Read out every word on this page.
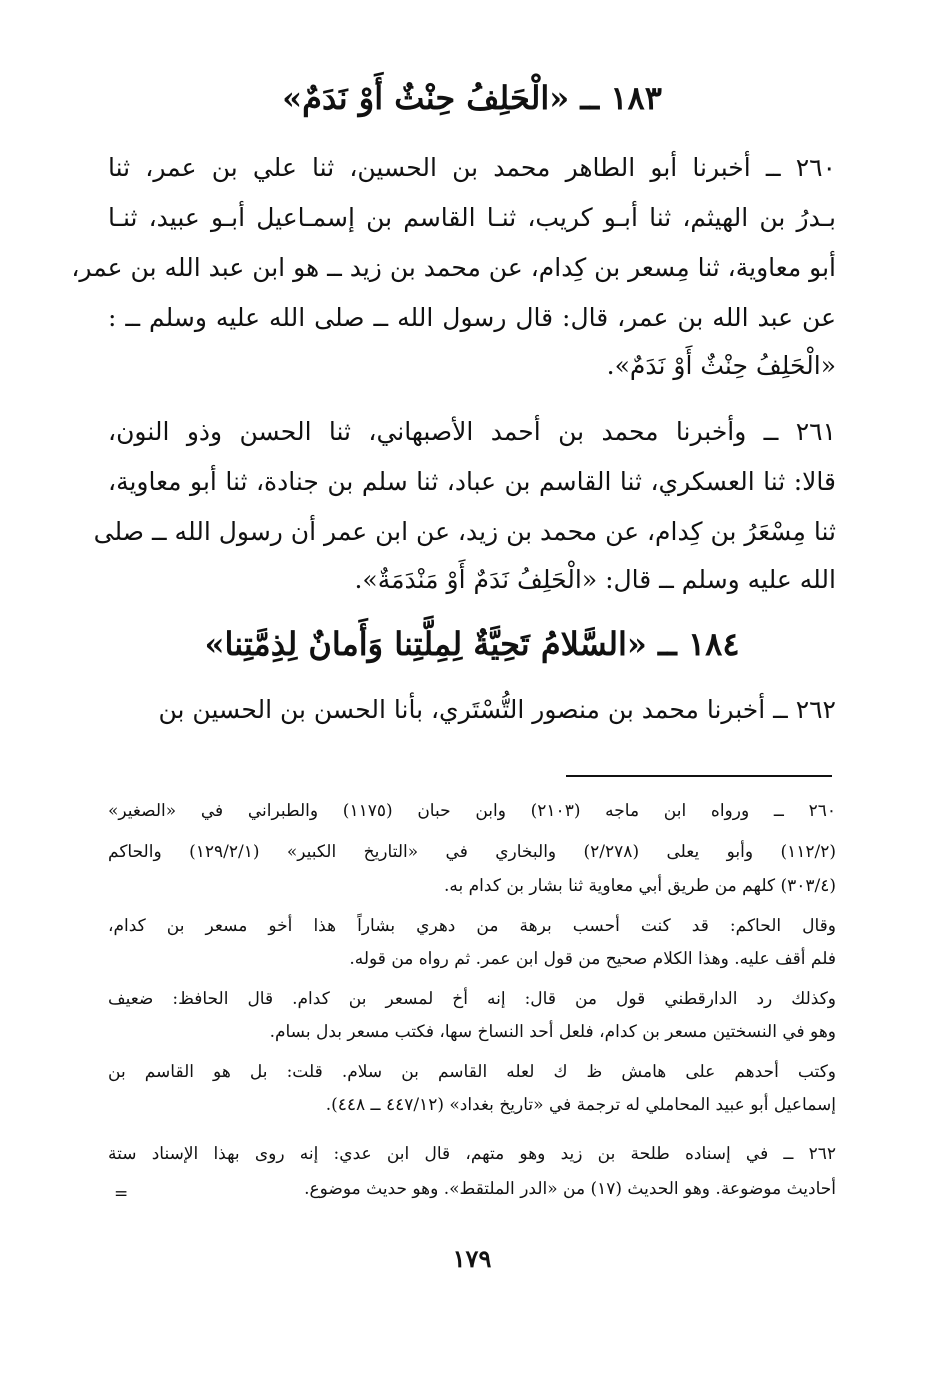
١٨٣ ــ «الْحَلِفُ حِنْثٌ أَوْ نَدَمٌ»
٢٦٠ ــ أخبرنا أبو الطاهر محمد بن الحسين، ثنا علي بن عمر، ثنا
بـدرُ بن الهيثم، ثنا أبـو كريب، ثنـا القاسم بن إسمـاعيل أبـو عبيد، ثنـا
أبو معاوية، ثنا مِسعر بن كِدام، عن محمد بن زيد ــ هو ابن عبد الله بن عمر،
عن عبد الله بن عمر، قال: قال رسول الله ــ صلى الله عليه وسلم ــ :
«الْحَلِفُ حِنْثٌ أَوْ نَدَمٌ».
٢٦١ ــ وأخبرنا محمد بن أحمد الأصبهاني، ثنا الحسن وذو النون،
قالا: ثنا العسكري، ثنا القاسم بن عباد، ثنا سلم بن جنادة، ثنا أبو معاوية،
ثنا مِسْعَرُ بن كِدام، عن محمد بن زيد، عن ابن عمر أن رسول الله ــ صلى
الله عليه وسلم ــ قال: «الْحَلِفُ نَدَمٌ أَوْ مَنْدَمَةٌ».
١٨٤ ــ «السَّلامُ تَحِيَّةٌ لِمِلَّتِنا وَأَمانٌ لِذِمَّتِنا»
٢٦٢ ــ أخبرنا محمد بن منصور التُّسْتَري، بأنا الحسن بن الحسين بن
٢٦٠ ــ ورواه ابن ماجه (٢١٠٣) وابن حبان (١١٧٥) والطبراني في «الصغير»
(١١٢/٢) وأبو يعلى (٢/٢٧٨) والبخاري في «التاريخ الكبير» (١٢٩/٢/١) والحاكم
(٣٠٣/٤) كلهم من طريق أبي معاوية ثنا بشار بن كدام به.
وقال الحاكم: قد كنت أحسب برهة من دهري بشاراً هذا أخو مسعر بن كدام،
فلم أقف عليه. وهذا الكلام صحيح من قول ابن عمر. ثم رواه من قوله.
وكذلك رد الدارقطني قول من قال: إنه أخ لمسعر بن كدام. قال الحافظ: ضعيف
وهو في النسختين مسعر بن كدام، فلعل أحد النساخ سها، فكتب مسعر بدل بسام.
وكتب أحدهم على هامش ظ ك لعله القاسم بن سلام. قلت: بل هو القاسم بن
إسماعيل أبو عبيد المحاملي له ترجمة في «تاريخ بغداد» (٤٤٧/١٢ ــ ٤٤٨).
٢٦٢ ــ في إسناده طلحة بن زيد وهو متهم، قال ابن عدي: إنه روى بهذا الإسناد ستة
أحاديث موضوعة. وهو الحديث (١٧) من «الدر الملتقط». وهو حديث موضوع.
=
١٧٩
